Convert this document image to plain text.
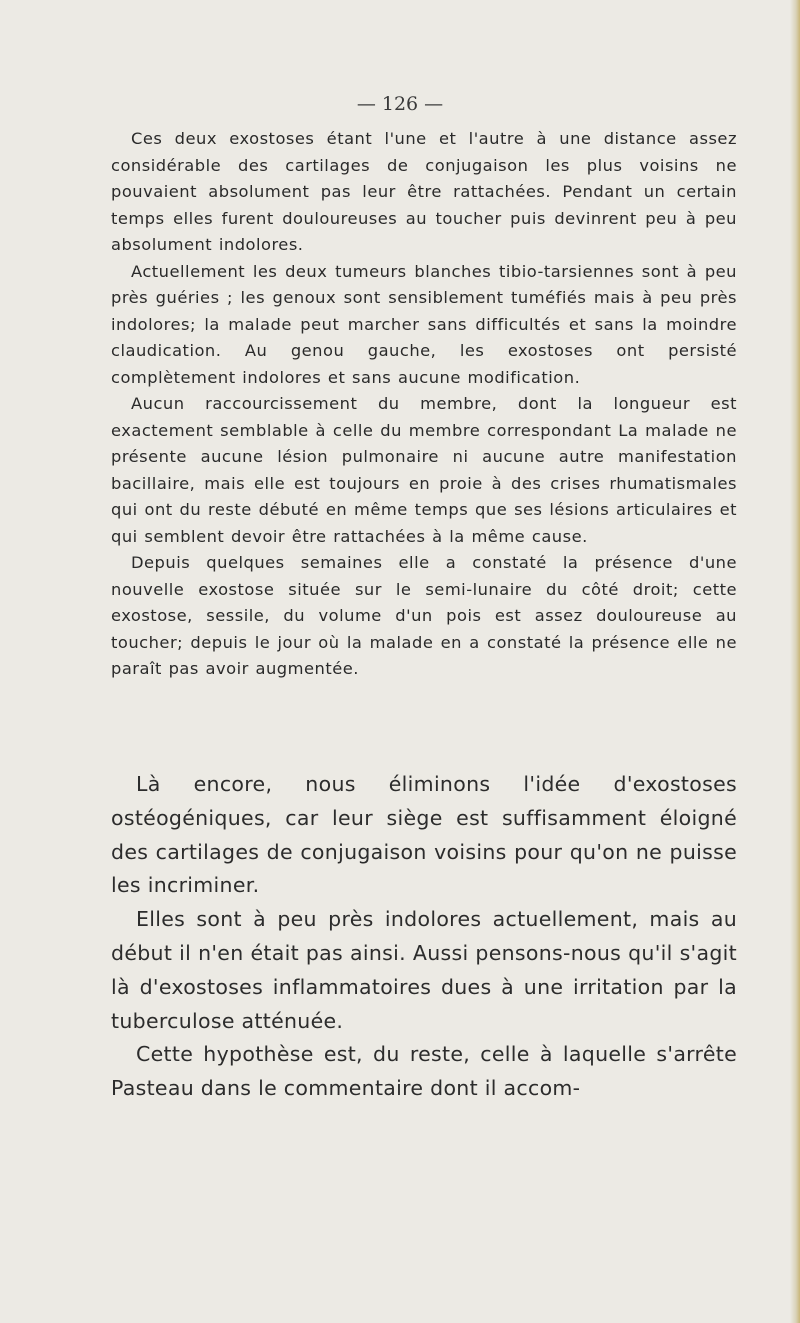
— 126 —

Ces deux exostoses étant l'une et l'autre à une distance assez considérable des cartilages de conjugaison les plus voisins ne pouvaient absolument pas leur être rattachées. Pendant un certain temps elles furent douloureuses au toucher puis devinrent peu à peu absolument indolores.

Actuellement les deux tumeurs blanches tibio-tarsiennes sont à peu près guéries ; les genoux sont sensiblement tuméfiés mais à peu près indolores; la malade peut marcher sans difficultés et sans la moindre claudication. Au genou gauche, les exostoses ont persisté complètement indolores et sans aucune modification.

Aucun raccourcissement du membre, dont la longueur est exactement semblable à celle du membre correspondant La malade ne présente aucune lésion pulmonaire ni aucune autre manifestation bacillaire, mais elle est toujours en proie à des crises rhumatismales qui ont du reste débuté en même temps que ses lésions articulaires et qui semblent devoir être rattachées à la même cause.

Depuis quelques semaines elle a constaté la présence d'une nouvelle exostose située sur le semi-lunaire du côté droit; cette exostose, sessile, du volume d'un pois est assez douloureuse au toucher; depuis le jour où la malade en a constaté la présence elle ne paraît pas avoir augmentée.

Là encore, nous éliminons l'idée d'exostoses ostéogéniques, car leur siège est suffisamment éloigné des cartilages de conjugaison voisins pour qu'on ne puisse les incriminer.

Elles sont à peu près indolores actuellement, mais au début il n'en était pas ainsi. Aussi pensons-nous qu'il s'agit là d'exostoses inflammatoires dues à une irritation par la tuberculose atténuée.

Cette hypothèse est, du reste, celle à laquelle s'arrête Pasteau dans le commentaire dont il accom-
